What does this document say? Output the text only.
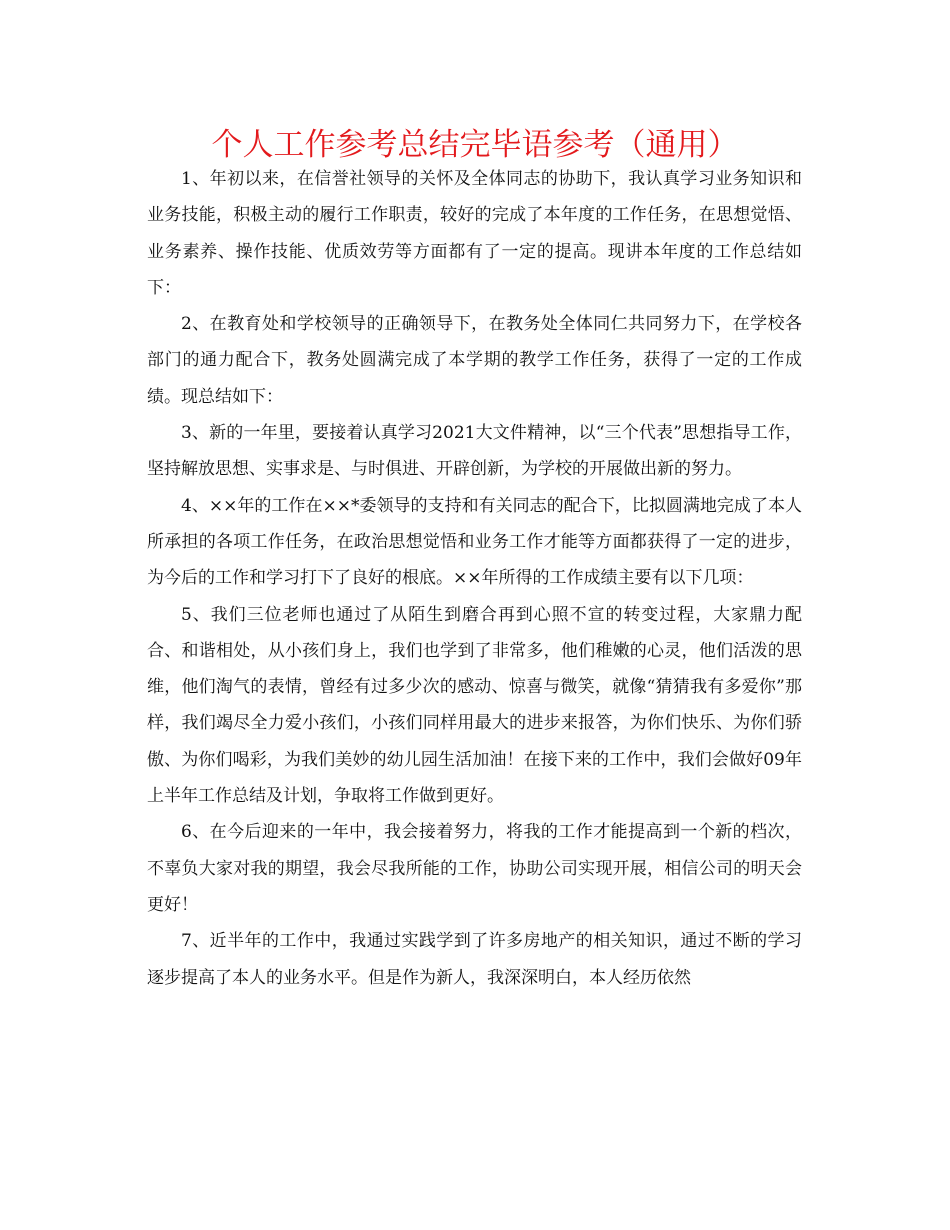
个人工作参考总结完毕语参考（通用）

1、年初以来，在信誉社领导的关怀及全体同志的协助下，我认真学习业务知识和业务技能，积极主动的履行工作职责，较好的完成了本年度的工作任务，在思想觉悟、业务素养、操作技能、优质效劳等方面都有了一定的提高。现讲本年度的工作总结如下：

2、在教育处和学校领导的正确领导下，在教务处全体同仁共同努力下，在学校各部门的通力配合下，教务处圆满完成了本学期的教学工作任务，获得了一定的工作成绩。现总结如下：

3、新的一年里，要接着认真学习2021大文件精神，以“三个代表”思想指导工作，坚持解放思想、实事求是、与时俱进、开辟创新，为学校的开展做出新的努力。

4、××年的工作在××*委领导的支持和有关同志的配合下，比拟圆满地完成了本人所承担的各项工作任务，在政治思想觉悟和业务工作才能等方面都获得了一定的进步，为今后的工作和学习打下了良好的根底。××年所得的工作成绩主要有以下几项：

5、我们三位老师也通过了从陌生到磨合再到心照不宣的转变过程，大家鼎力配合、和谐相处，从小孩们身上，我们也学到了非常多，他们稚嫩的心灵，他们活泼的思维，他们淘气的表情，曾经有过多少次的感动、惊喜与微笑，就像“猜猜我有多爱你”那样，我们竭尽全力爱小孩们，小孩们同样用最大的进步来报答，为你们快乐、为你们骄傲、为你们喝彩，为我们美妙的幼儿园生活加油！在接下来的工作中，我们会做好09年上半年工作总结及计划，争取将工作做到更好。

6、在今后迎来的一年中，我会接着努力，将我的工作才能提高到一个新的档次，不辜负大家对我的期望，我会尽我所能的工作，协助公司实现开展，相信公司的明天会更好！

7、近半年的工作中，我通过实践学到了许多房地产的相关知识，通过不断的学习逐步提高了本人的业务水平。但是作为新人，我深深明白，本人经历依然
